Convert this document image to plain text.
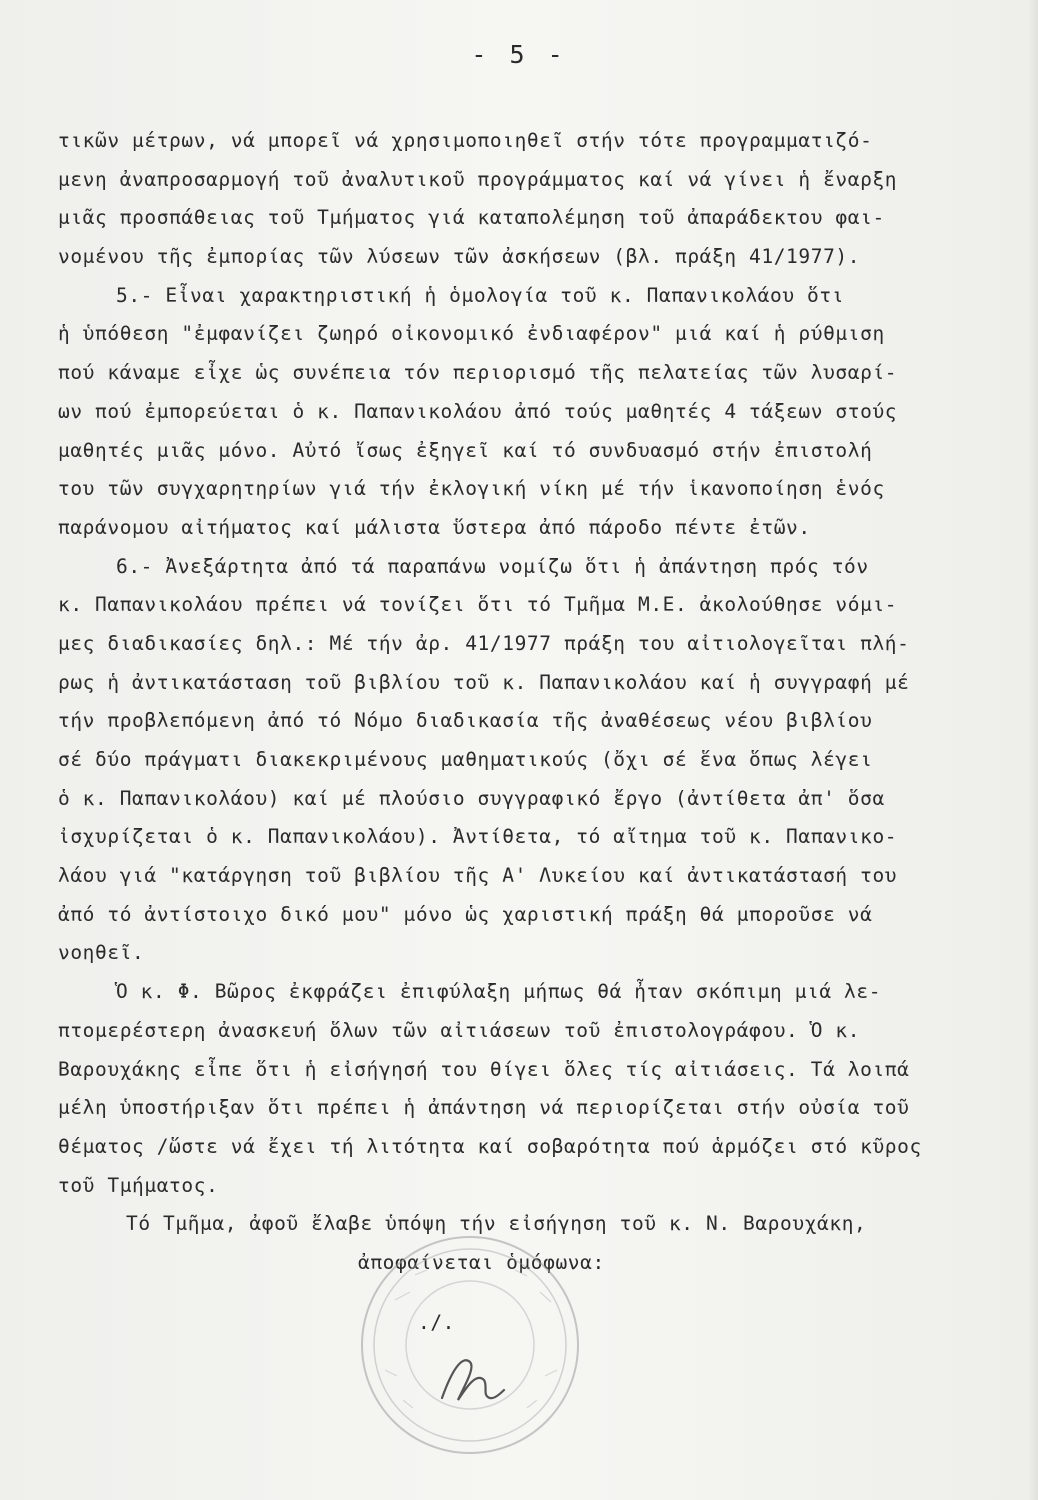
- 5 -
τικῶν μέτρων, νά μπορεῖ νά χρησιμοποιηθεῖ στήν τότε προγραμματιζό-
μενη ἀναπροσαρμογή τοῦ ἀναλυτικοῦ προγράμματος καί νά γίνει ἡ ἔναρξη
μιᾶς προσπάθειας τοῦ Τμήματος γιά καταπολέμηση τοῦ ἀπαράδεκτου φαι-
νομένου τῆς ἐμπορίας τῶν λύσεων τῶν ἀσκήσεων (βλ. πράξη 41/1977).
5.- Εἶναι χαρακτηριστική ἡ ὁμολογία τοῦ κ. Παπανικολάου ὅτι
ἡ ὑπόθεση "ἐμφανίζει ζωηρό οἰκονομικό ἐνδιαφέρον" μιά καί ἡ ρύθμιση
πού κάναμε εἶχε ὡς συνέπεια τόν περιορισμό τῆς πελατείας τῶν λυσαρί-
ων πού ἐμπορεύεται ὁ κ. Παπανικολάου ἀπό τούς μαθητές 4 τάξεων στούς
μαθητές μιᾶς μόνο. Αὐτό ἴσως ἐξηγεῖ καί τό συνδυασμό στήν ἐπιστολή
του τῶν συγχαρητηρίων γιά τήν ἐκλογική νίκη μέ τήν ἱκανοποίηση ἑνός
παράνομου αἰτήματος καί μάλιστα ὕστερα ἀπό πάροδο πέντε ἐτῶν.
6.- Ἀνεξάρτητα ἀπό τά παραπάνω νομίζω ὅτι ἡ ἀπάντηση πρός τόν
κ. Παπανικολάου πρέπει νά τονίζει ὅτι τό Τμῆμα Μ.Ε. ἀκολούθησε νόμι-
μες διαδικασίες δηλ.: Μέ τήν ἀρ. 41/1977 πράξη του αἰτιολογεῖται πλή-
ρως ἡ ἀντικατάσταση τοῦ βιβλίου τοῦ κ. Παπανικολάου καί ἡ συγγραφή μέ
τήν προβλεπόμενη ἀπό τό Νόμο διαδικασία τῆς ἀναθέσεως νέου βιβλίου
σέ δύο πράγματι διακεκριμένους μαθηματικούς (ὄχι σέ ἕνα ὅπως λέγει
ὁ κ. Παπανικολάου) καί μέ πλούσιο συγγραφικό ἔργο (ἀντίθετα ἀπ' ὅσα
ἰσχυρίζεται ὁ κ. Παπανικολάου). Ἀντίθετα, τό αἴτημα τοῦ κ. Παπανικο-
λάου γιά "κατάργηση τοῦ βιβλίου τῆς Α' Λυκείου καί ἀντικατάστασή του
ἀπό τό ἀντίστοιχο δικό μου" μόνο ὡς χαριστική πράξη θά μποροῦσε νά
νοηθεῖ.
Ὁ κ. Φ. Βῶρος ἐκφράζει ἐπιφύλαξη μήπως θά ἦταν σκόπιμη μιά λε-
πτομερέστερη ἀνασκευή ὅλων τῶν αἰτιάσεων τοῦ ἐπιστολογράφου. Ὁ κ.
Βαρουχάκης εἶπε ὅτι ἡ εἰσήγησή του θίγει ὅλες τίς αἰτιάσεις. Τά λοιπά
μέλη ὑποστήριξαν ὅτι πρέπει ἡ ἀπάντηση νά περιορίζεται στήν οὐσία τοῦ
θέματος /ὥστε νά ἔχει τή λιτότητα καί σοβαρότητα πού ἁρμόζει στό κῦρος
τοῦ Τμήματος.
Τό Τμῆμα, ἀφοῦ ἔλαβε ὑπόψη τήν εἰσήγηση τοῦ κ. Ν. Βαρουχάκη,
ἀποφαίνεται ὁμόφωνα:
./.
